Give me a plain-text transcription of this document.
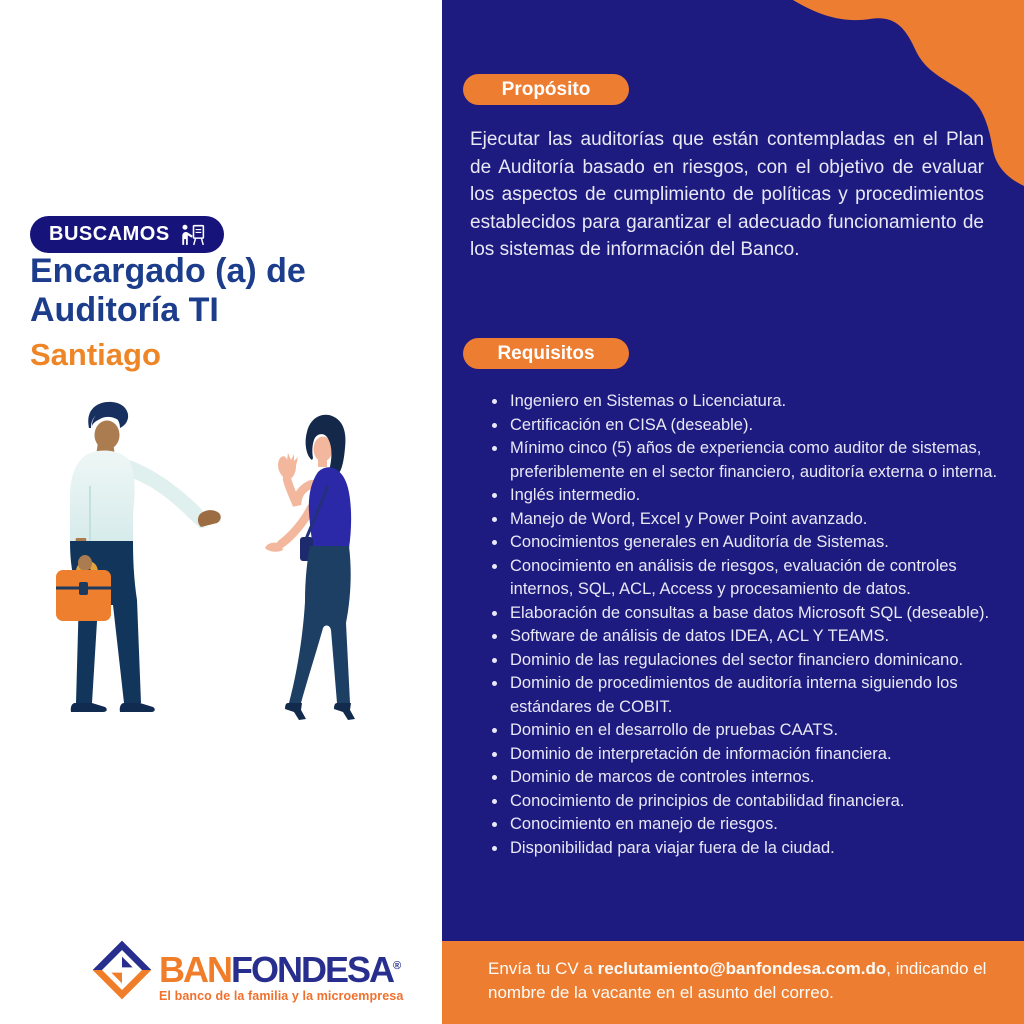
BUSCAMOS
Encargado (a) de
Auditoría TI
Santiago
BANFONDESA®
El banco de la familia y la microempresa
Propósito

Ejecutar las auditorías que están contempladas en el Plan de Auditoría basado en riesgos, con el objetivo de evaluar los aspectos de cumplimiento de políticas y procedimientos establecidos para garantizar el adecuado funcionamiento de los sistemas de información del Banco.

Requisitos
• Ingeniero en Sistemas o Licenciatura.
• Certificación en CISA (deseable).
• Mínimo cinco (5) años de experiencia como auditor de sistemas, preferiblemente en el sector financiero, auditoría externa o interna.
• Inglés intermedio.
• Manejo de Word, Excel y Power Point avanzado.
• Conocimientos generales en Auditoría de Sistemas.
• Conocimiento en análisis de riesgos, evaluación de controles internos, SQL, ACL, Access y procesamiento de datos.
• Elaboración de consultas a base datos Microsoft SQL (deseable).
• Software de análisis de datos IDEA, ACL Y TEAMS.
• Dominio de las regulaciones del sector financiero dominicano.
• Dominio de procedimientos de auditoría interna siguiendo los estándares de COBIT.
• Dominio en el desarrollo de pruebas CAATS.
• Dominio de interpretación de información financiera.
• Dominio de marcos de controles internos.
• Conocimiento de principios de contabilidad financiera.
• Conocimiento en manejo de riesgos.
• Disponibilidad para viajar fuera de la ciudad.

Envía tu CV a reclutamiento@banfondesa.com.do, indicando el nombre de la vacante en el asunto del correo.
